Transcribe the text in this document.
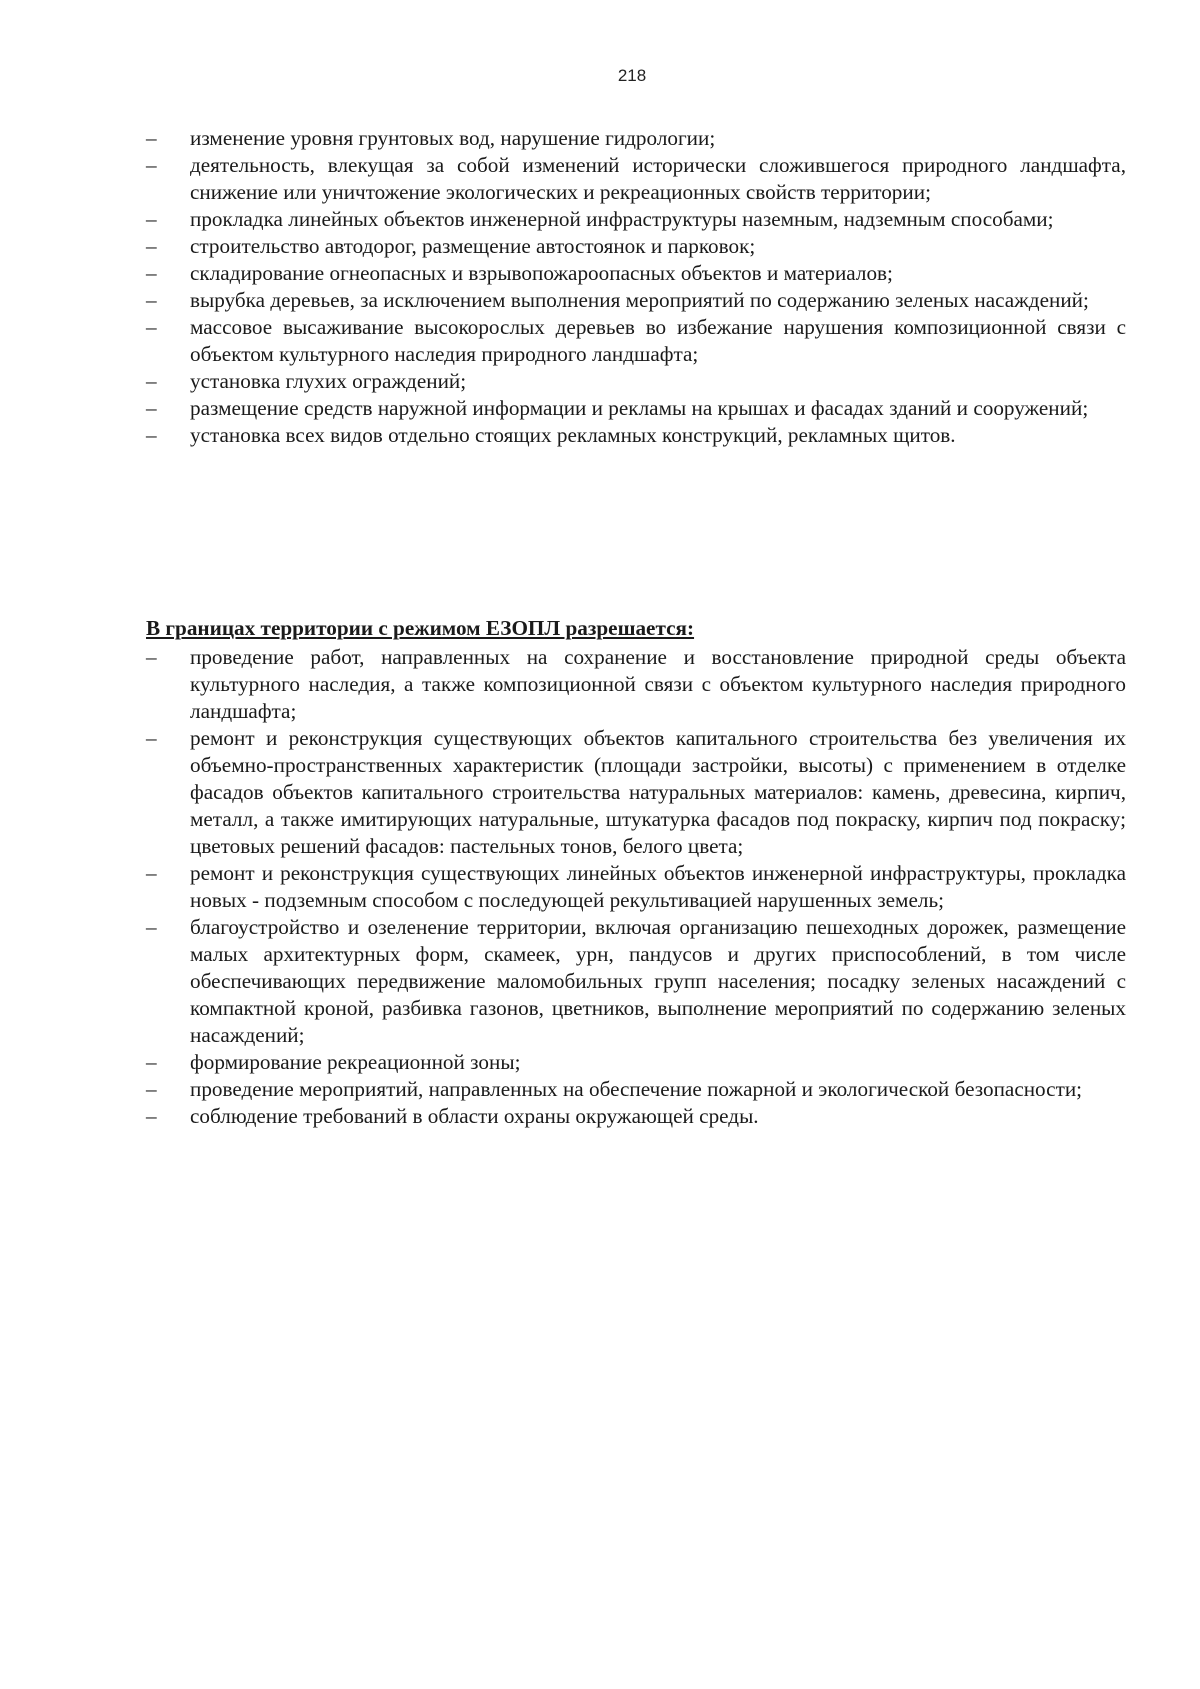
218
– изменение уровня грунтовых вод, нарушение гидрологии;
– деятельность, влекущая за собой изменений исторически сложившегося природного ландшафта, снижение или уничтожение экологических и рекреационных свойств территории;
– прокладка линейных объектов инженерной инфраструктуры наземным, надземным способами;
– строительство автодорог, размещение автостоянок и парковок;
– складирование огнеопасных и взрывопожароопасных объектов и материалов;
– вырубка деревьев, за исключением выполнения мероприятий по содержанию зеленых насаждений;
– массовое высаживание высокорослых деревьев во избежание нарушения композиционной связи с объектом культурного наследия природного ландшафта;
– установка глухих ограждений;
– размещение средств наружной информации и рекламы на крышах и фасадах зданий и сооружений;
– установка всех видов отдельно стоящих рекламных конструкций, рекламных щитов.

В границах территории с режимом ЕЗОПЛ разрешается:

– проведение работ, направленных на сохранение и восстановление природной среды объекта культурного наследия, а также композиционной связи с объектом культурного наследия природного ландшафта;
– ремонт и реконструкция существующих объектов капитального строительства без увеличения их объемно-пространственных характеристик (площади застройки, высоты) с применением в отделке фасадов объектов капитального строительства натуральных материалов: камень, древесина, кирпич, металл, а также имитирующих натуральные, штукатурка фасадов под покраску, кирпич под покраску; цветовых решений фасадов: пастельных тонов, белого цвета;
– ремонт и реконструкция существующих линейных объектов инженерной инфраструктуры, прокладка новых - подземным способом с последующей рекультивацией нарушенных земель;
– благоустройство и озеленение территории, включая организацию пешеходных дорожек, размещение малых архитектурных форм, скамеек, урн, пандусов и других приспособлений, в том числе обеспечивающих передвижение маломобильных групп населения; посадку зеленых насаждений с компактной кроной, разбивка газонов, цветников, выполнение мероприятий по содержанию зеленых насаждений;
– формирование рекреационной зоны;
– проведение мероприятий, направленных на обеспечение пожарной и экологической безопасности;
– соблюдение требований в области охраны окружающей среды.
